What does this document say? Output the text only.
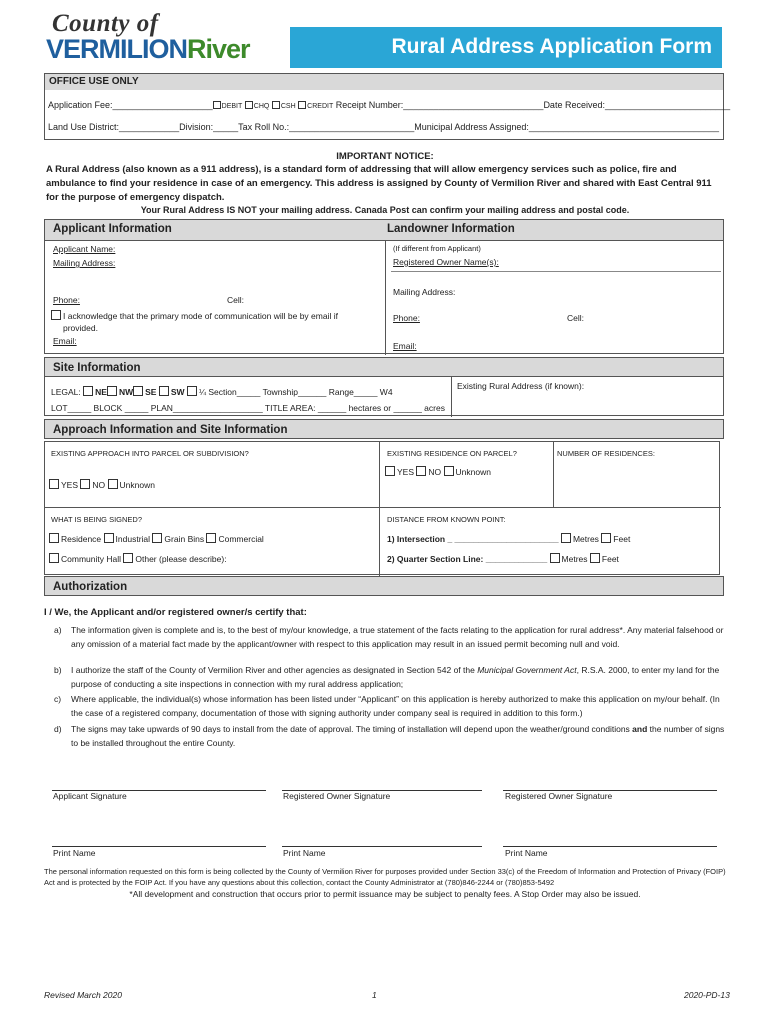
County of
VERMILIONRiver	Rural Address Application Form
OFFICE USE ONLY
Application Fee:____________________ DEBIT CHQ CSH CREDIT Receipt Number:____________________________Date Received:_________________________
Land Use District:____________Division:_____Tax Roll No.:_________________________Municipal Address Assigned:______________________________________
IMPORTANT NOTICE:
A Rural Address (also known as a 911 address), is a standard form of addressing that will allow emergency services such as police, fire and ambulance to find your residence in case of an emergency. This address is assigned by County of Vermilion River and shared with East Central 911 for the purpose of emergency dispatch.
Your Rural Address IS NOT your mailing address. Canada Post can confirm your mailing address and postal code.
Applicant Information	Landowner Information
Applicant Name:
Mailing Address:
Phone:	Cell:
I acknowledge that the primary mode of communication will be by email if
provided.
Email:
(If different from Applicant)
Registered Owner Name(s):
Mailing Address:
Phone:	Cell:
Email:
Site Information
LEGAL: NE NW SE SW ¼ Section_____ Township______ Range_____ W4
LOT_____ BLOCK _____ PLAN___________________ TITLE AREA: ______ hectares or ______ acres
Existing Rural Address (if known):
Approach Information and Site Information
EXISTING APPROACH INTO PARCEL OR SUBDIVISION?
YES NO Unknown
EXISTING RESIDENCE ON PARCEL?
YES NO Unknown
NUMBER OF RESIDENCES:
WHAT IS BEING SIGNED?
Residence Industrial Grain Bins Commercial
Community Hall Other (please describe):
DISTANCE FROM KNOWN POINT:
1) Intersection _ ______________________ Metres Feet
2) Quarter Section Line: _____________ Metres Feet
Authorization
I / We, the Applicant and/or registered owner/s certify that:
a) The information given is complete and is, to the best of my/our knowledge, a true statement of the facts relating to the application for rural address*. Any material falsehood or any omission of a material fact made by the applicant/owner with respect to this application may result in an issued permit becoming null and void.
b) I authorize the staff of the County of Vermilion River and other agencies as designated in Section 542 of the Municipal Government Act, R.S.A. 2000, to enter my land for the purpose of conducting a site inspections in connection with my rural address application;
c) Where applicable, the individual(s) whose information has been listed under “Applicant” on this application is hereby authorized to make this application on my/our behalf. (In the case of a registered company, documentation of those with signing authority under company seal is required in addition to this form.)
d) The signs may take upwards of 90 days to install from the date of approval. The timing of installation will depend upon the weather/ground conditions and the number of signs to be installed throughout the entire County.
Applicant Signature	Registered Owner Signature	Registered Owner Signature
Print Name	Print Name	Print Name
The personal information requested on this form is being collected by the County of Vermilion River for purposes provided under Section 33(c) of the Freedom of Information and Protection of Privacy (FOIP) Act and is protected by the FOIP Act. If you have any questions about this collection, contact the County Administrator at (780)846-2244 or (780)853-5492
*All development and construction that occurs prior to permit issuance may be subject to penalty fees. A Stop Order may also be issued.
Revised March 2020	1	2020-PD-13
